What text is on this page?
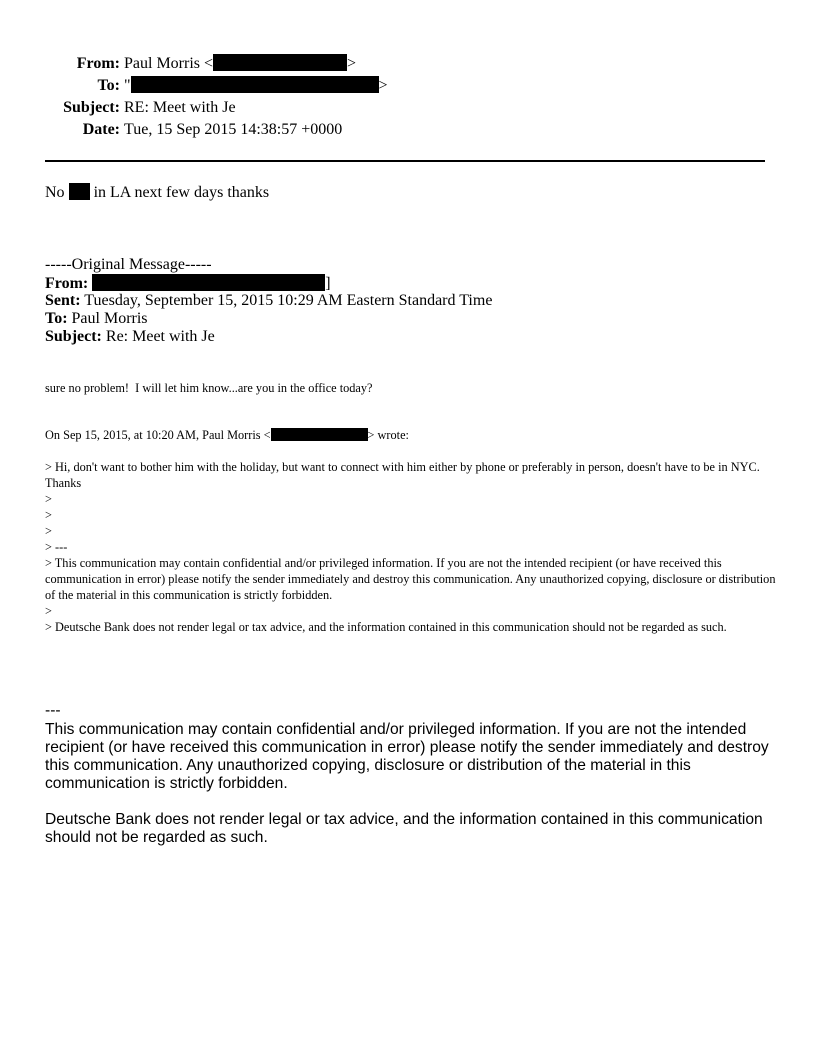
From: Paul Morris <	>
To: "	>
Subject: RE: Meet with Je
Date: Tue, 15 Sep 2015 14:38:57 +0000
No in LA next few days thanks
-----Original Message-----
From:	]
Sent: Tuesday, September 15, 2015 10:29 AM Eastern Standard Time
To: Paul Morris
Subject: Re: Meet with Je
sure no problem!  I will let him know...are you in the office today?
On Sep 15, 2015, at 10:20 AM, Paul Morris <	> wrote:
> Hi, don't want to bother him with the holiday, but want to connect with him either by phone or preferably in person, doesn't have to be in NYC. Thanks
>
>
>
> ---
> This communication may contain confidential and/or privileged information. If you are not the intended recipient (or have received this communication in error) please notify the sender immediately and destroy this communication. Any unauthorized copying, disclosure or distribution of the material in this communication is strictly forbidden.
>
> Deutsche Bank does not render legal or tax advice, and the information contained in this communication should not be regarded as such.
---
This communication may contain confidential and/or privileged information. If you are not the intended recipient (or have received this communication in error) please notify the sender immediately and destroy this communication. Any unauthorized copying, disclosure or distribution of the material in this communication is strictly forbidden.
Deutsche Bank does not render legal or tax advice, and the information contained in this communication should not be regarded as such.
